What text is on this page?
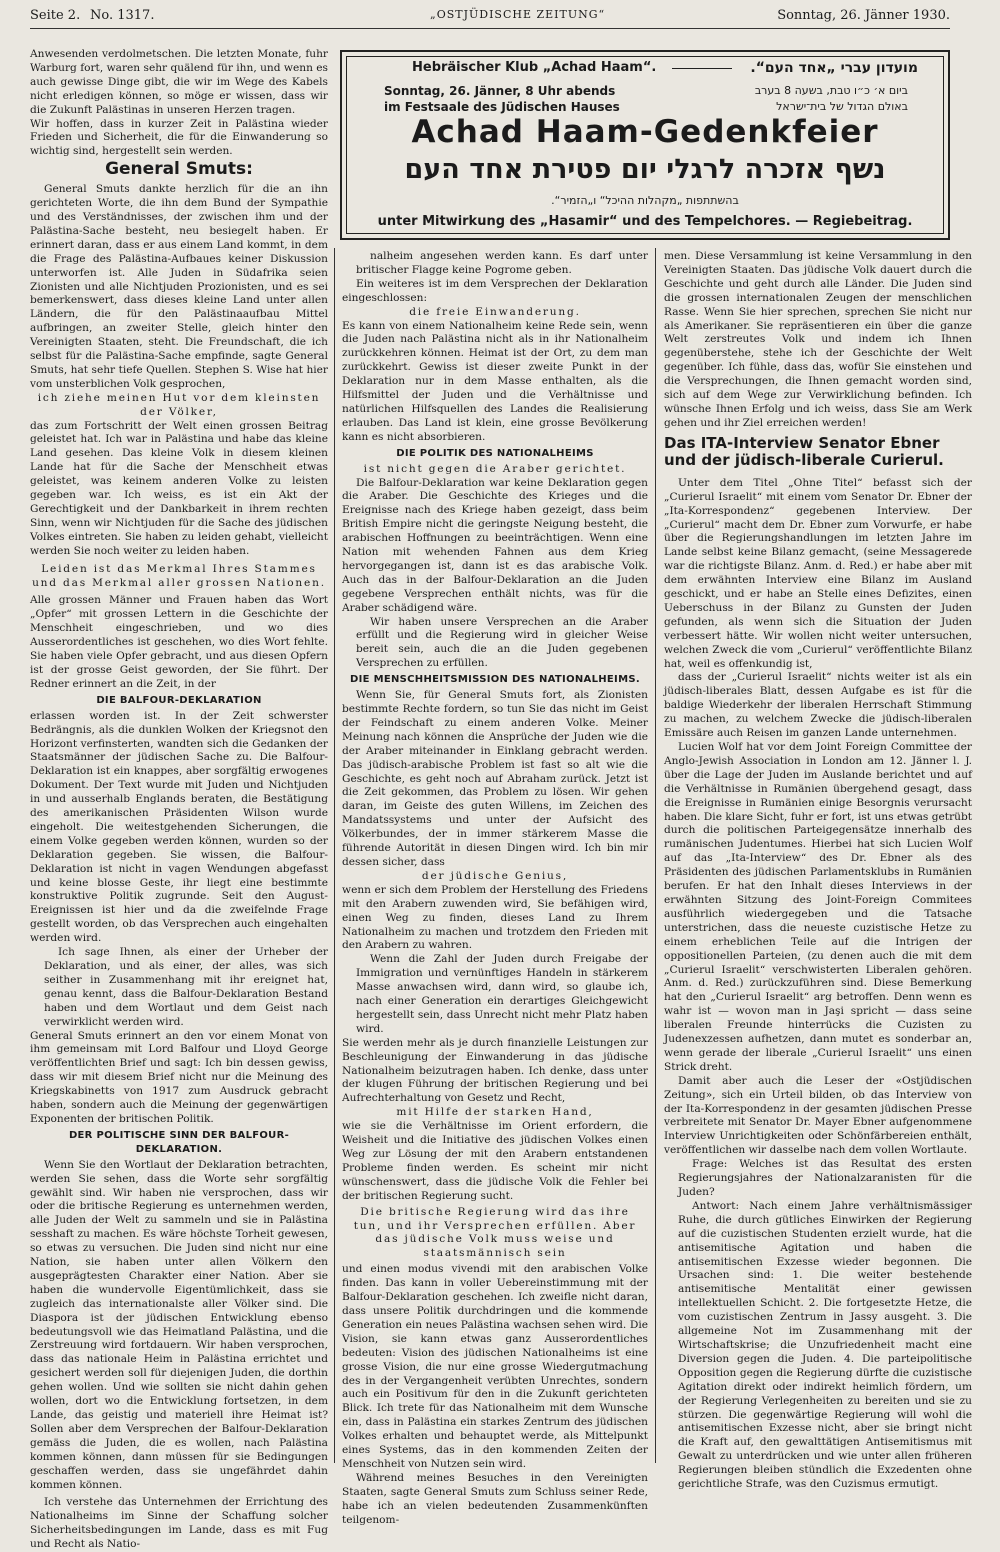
Seite 2. No. 1317.	„OSTJÜDISCHE ZEITUNG“	Sonntag, 26. Jänner 1930.
Hebräischer Klub „Achad Haam“.	מועדון עברי „אחד העם“.
Sonntag, 26. Jänner, 8 Uhr abends
im Festsaale des Jüdischen Hauses
ביום א׳ כ״ו טבת, בשעה 8 בערב
באולם הגדול של בית־ישראל
Achad Haam-Gedenkfeier
נשף אזכרה לרגלי יום פטירת אחד העם
בהשתתפות „מקהלות ההיכל“ ו„הזמיר“.
unter Mitwirkung des „Hasamir“ und des Tempelchores. — Regiebeitrag.

Anwesenden verdolmetschen. Die letzten Monate, fuhr Warburg fort, waren sehr quälend für ihn, und wenn es auch gewisse Dinge gibt, die wir im Wege des Kabels nicht erledigen können, so möge er wissen, dass wir die Zukunft Palästinas in unseren Herzen tragen.

Wir hoffen, dass in kurzer Zeit in Palästina wieder Frieden und Sicherheit, die für die Einwanderung so wichtig sind, hergestellt sein werden.

General Smuts:

General Smuts dankte herzlich für die an ihn gerichteten Worte, die ihn dem Bund der Sympathie und des Verständnisses, der zwischen ihm und der Palästina-Sache besteht, neu besiegelt haben. Er erinnert daran, dass er aus einem Land kommt, in dem die Frage des Palästina-Aufbaues keiner Diskussion unterworfen ist. Alle Juden in Südafrika seien Zionisten und alle Nichtjuden Prozionisten, und es sei bemerkenswert, dass dieses kleine Land unter allen Ländern, die für den Palästinaaufbau Mittel aufbringen, an zweiter Stelle, gleich hinter den Vereinigten Staaten, steht. Die Freundschaft, die ich selbst für die Palästina-Sache empfinde, sagte General Smuts, hat sehr tiefe Quellen. Stephen S. Wise hat hier vom unsterblichen Volk gesprochen,

ich ziehe meinen Hut vor dem kleinsten der Völker,

das zum Fortschritt der Welt einen grossen Beitrag geleistet hat. Ich war in Palästina und habe das kleine Land gesehen. Das kleine Volk in diesem kleinen Lande hat für die Sache der Menschheit etwas geleistet, was keinem anderen Volke zu leisten gegeben war. Ich weiss, es ist ein Akt der Gerechtigkeit und der Dankbarkeit in ihrem rechten Sinn, wenn wir Nichtjuden für die Sache des jüdischen Volkes eintreten. Sie haben zu leiden gehabt, vielleicht werden Sie noch weiter zu leiden haben.

Leiden ist das Merkmal Ihres Stammes und das Merkmal aller grossen Nationen.

Alle grossen Männer und Frauen haben das Wort „Opfer“ mit grossen Lettern in die Geschichte der Menschheit eingeschrieben, und wo dies Ausserordentliches ist geschehen, wo dies Wort fehlte. Sie haben viele Opfer gebracht, und aus diesen Opfern ist der grosse Geist geworden, der Sie führt. Der Redner erinnert an die Zeit, in der

DIE BALFOUR-DEKLARATION

erlassen worden ist. In der Zeit schwerster Bedrängnis, als die dunklen Wolken der Kriegsnot den Horizont verfinsterten, wandten sich die Gedanken der Staatsmänner der jüdischen Sache zu. Die Balfour-Deklaration ist ein knappes, aber sorgfältig erwogenes Dokument. Der Text wurde mit Juden und Nichtjuden in und ausserhalb Englands beraten, die Bestätigung des amerikanischen Präsidenten Wilson wurde eingeholt. Die weitestgehenden Sicherungen, die einem Volke gegeben werden können, wurden so der Deklaration gegeben. Sie wissen, die Balfour-Deklaration ist nicht in vagen Wendungen abgefasst und keine blosse Geste, ihr liegt eine bestimmte konstruktive Politik zugrunde. Seit den August-Ereignissen ist hier und da die zweifelnde Frage gestellt worden, ob das Versprechen auch eingehalten werden wird.

Ich sage Ihnen, als einer der Urheber der Deklaration, und als einer, der alles, was sich seither in Zusammenhang mit ihr ereignet hat, genau kennt, dass die Balfour-Deklaration Bestand haben und dem Wortlaut und dem Geist nach verwirklicht werden wird.

General Smuts erinnert an den vor einem Monat von ihm gemeinsam mit Lord Balfour und Lloyd George veröffentlichten Brief und sagt: Ich bin dessen gewiss, dass wir mit diesem Brief nicht nur die Meinung des Kriegskabinetts von 1917 zum Ausdruck gebracht haben, sondern auch die Meinung der gegenwärtigen Exponenten der britischen Politik.

DER POLITISCHE SINN DER BALFOUR-DEKLARATION.

Wenn Sie den Wortlaut der Deklaration betrachten, werden Sie sehen, dass die Worte sehr sorgfältig gewählt sind. Wir haben nie versprochen, dass wir oder die britische Regierung es unternehmen werden, alle Juden der Welt zu sammeln und sie in Palästina sesshaft zu machen. Es wäre höchste Torheit gewesen, so etwas zu versuchen. Die Juden sind nicht nur eine Nation, sie haben unter allen Völkern den ausgeprägtesten Charakter einer Nation. Aber sie haben die wundervolle Eigentümlichkeit, dass sie zugleich das internationalste aller Völker sind. Die Diaspora ist der jüdischen Entwicklung ebenso bedeutungsvoll wie das Heimatland Palästina, und die Zerstreuung wird fortdauern. Wir haben versprochen, dass das nationale Heim in Palästina errichtet und gesichert werden soll für diejenigen Juden, die dorthin gehen wollen. Und wie sollten sie nicht dahin gehen wollen, dort wo die Entwicklung fortsetzen, in dem Lande, das geistig und materiell ihre Heimat ist? Sollen aber dem Versprechen der Balfour-Deklaration gemäss die Juden, die es wollen, nach Palästina kommen können, dann müssen für sie Bedingungen geschaffen werden, dass sie ungefährdet dahin kommen können.

Ich verstehe das Unternehmen der Errichtung des Nationalheims im Sinne der Schaffung solcher Sicherheitsbedingungen im Lande, dass es mit Fug und Recht als Natio-

nalheim angesehen werden kann. Es darf unter britischer Flagge keine Pogrome geben.

Ein weiteres ist im dem Versprechen der Deklaration eingeschlossen:

die freie Einwanderung.

Es kann von einem Nationalheim keine Rede sein, wenn die Juden nach Palästina nicht als in ihr Nationalheim zurückkehren können. Heimat ist der Ort, zu dem man zurückkehrt. Gewiss ist dieser zweite Punkt in der Deklaration nur in dem Masse enthalten, als die Hilfsmittel der Juden und die Verhältnisse und natürlichen Hilfsquellen des Landes die Realisierung erlauben. Das Land ist klein, eine grosse Bevölkerung kann es nicht absorbieren.

DIE POLITIK DES NATIONALHEIMS

ist nicht gegen die Araber gerichtet.

Die Balfour-Deklaration war keine Deklaration gegen die Araber. Die Geschichte des Krieges und die Ereignisse nach des Kriege haben gezeigt, dass beim British Empire nicht die geringste Neigung besteht, die arabischen Hoffnungen zu beeinträchtigen. Wenn eine Nation mit wehenden Fahnen aus dem Krieg hervorgegangen ist, dann ist es das arabische Volk. Auch das in der Balfour-Deklaration an die Juden gegebene Versprechen enthält nichts, was für die Araber schädigend wäre.

Wir haben unsere Versprechen an die Araber erfüllt und die Regierung wird in gleicher Weise bereit sein, auch die an die Juden gegebenen Versprechen zu erfüllen.

DIE MENSCHHEITSMISSION DES NATIONALHEIMS.

Wenn Sie, für General Smuts fort, als Zionisten bestimmte Rechte fordern, so tun Sie das nicht im Geist der Feindschaft zu einem anderen Volke. Meiner Meinung nach können die Ansprüche der Juden wie die der Araber miteinander in Einklang gebracht werden. Das jüdisch-arabische Problem ist fast so alt wie die Geschichte, es geht noch auf Abraham zurück. Jetzt ist die Zeit gekommen, das Problem zu lösen. Wir gehen daran, im Geiste des guten Willens, im Zeichen des Mandatssystems und unter der Aufsicht des Völkerbundes, der in immer stärkerem Masse die führende Autorität in diesen Dingen wird. Ich bin mir dessen sicher, dass

der jüdische Genius,

wenn er sich dem Problem der Herstellung des Friedens mit den Arabern zuwenden wird, Sie befähigen wird, einen Weg zu finden, dieses Land zu Ihrem Nationalheim zu machen und trotzdem den Frieden mit den Arabern zu wahren.

Wenn die Zahl der Juden durch Freigabe der Immigration und vernünftiges Handeln in stärkerem Masse anwachsen wird, dann wird, so glaube ich, nach einer Generation ein derartiges Gleichgewicht hergestellt sein, dass Unrecht nicht mehr Platz haben wird.

Sie werden mehr als je durch finanzielle Leistungen zur Beschleunigung der Einwanderung in das jüdische Nationalheim beizutragen haben. Ich denke, dass unter der klugen Führung der britischen Regierung und bei Aufrechterhaltung von Gesetz und Recht,

mit Hilfe der starken Hand,

wie sie die Verhältnisse im Orient erfordern, die Weisheit und die Initiative des jüdischen Volkes einen Weg zur Lösung der mit den Arabern entstandenen Probleme finden werden. Es scheint mir nicht wünschenswert, dass die jüdische Volk die Fehler bei der britischen Regierung sucht.

Die britische Regierung wird das ihre tun, und ihr Versprechen erfüllen. Aber das jüdische Volk muss weise und staatsmännisch sein

und einen modus vivendi mit den arabischen Volke finden. Das kann in voller Uebereinstimmung mit der Balfour-Deklaration geschehen. Ich zweifle nicht daran, dass unsere Politik durchdringen und die kommende Generation ein neues Palästina wachsen sehen wird. Die Vision, sie kann etwas ganz Ausserordentliches bedeuten: Vision des jüdischen Nationalheims ist eine grosse Vision, die nur eine grosse Wiedergutmachung des in der Vergangenheit verübten Unrechtes, sondern auch ein Positivum für den in die Zukunft gerichteten Blick. Ich trete für das Nationalheim mit dem Wunsche ein, dass in Palästina ein starkes Zentrum des jüdischen Volkes erhalten und behauptet werde, als Mittelpunkt eines Systems, das in den kommenden Zeiten der Menschheit von Nutzen sein wird.

Während meines Besuches in den Vereinigten Staaten, sagte General Smuts zum Schluss seiner Rede, habe ich an vielen bedeutenden Zusammenkünften teilgenom-

men. Diese Versammlung ist keine Versammlung in den Vereinigten Staaten. Das jüdische Volk dauert durch die Geschichte und geht durch alle Länder. Die Juden sind die grossen internationalen Zeugen der menschlichen Rasse. Wenn Sie hier sprechen, sprechen Sie nicht nur als Amerikaner. Sie repräsentieren ein über die ganze Welt zerstreutes Volk und indem ich Ihnen gegenüberstehe, stehe ich der Geschichte der Welt gegenüber. Ich fühle, dass das, wofür Sie einstehen und die Versprechungen, die Ihnen gemacht worden sind, sich auf dem Wege zur Verwirklichung befinden. Ich wünsche Ihnen Erfolg und ich weiss, dass Sie am Werk gehen und ihr Ziel erreichen werden!

Das ITA-Interview Senator Ebner und der jüdisch-liberale Curierul.

Unter dem Titel „Ohne Titel“ befasst sich der „Curierul Israelit“ mit einem vom Senator Dr. Ebner der „Ita-Korrespondenz“ gegebenen Interview. Der „Curierul“ macht dem Dr. Ebner zum Vorwurfe, er habe über die Regierungshandlungen im letzten Jahre im Lande selbst keine Bilanz gemacht, (seine Messagerede war die richtigste Bilanz. Anm. d. Red.) er habe aber mit dem erwähnten Interview eine Bilanz im Ausland geschickt, und er habe an Stelle eines Defizites, einen Ueberschuss in der Bilanz zu Gunsten der Juden gefunden, als wenn sich die Situation der Juden verbessert hätte. Wir wollen nicht weiter untersuchen, welchen Zweck die vom „Curierul“ veröffentlichte Bilanz hat, weil es offenkundig ist,

dass der „Curierul Israelit“ nichts weiter ist als ein jüdisch-liberales Blatt, dessen Aufgabe es ist für die baldige Wiederkehr der liberalen Herrschaft Stimmung zu machen, zu welchem Zwecke die jüdisch-liberalen Emissäre auch Reisen im ganzen Lande unternehmen.

Lucien Wolf hat vor dem Joint Foreign Committee der Anglo-Jewish Association in London am 12. Jänner l. J. über die Lage der Juden im Auslande berichtet und auf die Verhältnisse in Rumänien übergehend gesagt, dass die Ereignisse in Rumänien einige Besorgnis verursacht haben. Die klare Sicht, fuhr er fort, ist uns etwas getrübt durch die politischen Parteigegensätze innerhalb des rumänischen Judentumes. Hierbei hat sich Lucien Wolf auf das „Ita-Interview“ des Dr. Ebner als des Präsidenten des jüdischen Parlamentsklubs in Rumänien berufen. Er hat den Inhalt dieses Interviews in der erwähnten Sitzung des Joint-Foreign Commitees ausführlich wiedergegeben und die Tatsache unterstrichen, dass die neueste cuzistische Hetze zu einem erheblichen Teile auf die Intrigen der oppositionellen Parteien, (zu denen auch die mit dem „Curierul Israelit“ verschwisterten Liberalen gehören. Anm. d. Red.) zurückzuführen sind. Diese Bemerkung hat den „Curierul Israelit“ arg betroffen. Denn wenn es wahr ist — wovon man in Jaşi spricht — dass seine liberalen Freunde hinterrücks die Cuzisten zu Judenexzessen aufhetzen, dann mutet es sonderbar an, wenn gerade der liberale „Curierul Israelit“ uns einen Strick dreht.

Damit aber auch die Leser der «Ostjüdischen Zeitung», sich ein Urteil bilden, ob das Interview von der Ita-Korrespondenz in der gesamten jüdischen Presse verbreitete mit Senator Dr. Mayer Ebner aufgenommene Interview Unrichtigkeiten oder Schönfärbereien enthält, veröffentlichen wir dasselbe nach dem vollen Wortlaute.

Frage: Welches ist das Resultat des ersten Regierungsjahres der Nationalzaranisten für die Juden?

Antwort: Nach einem Jahre verhältnismässiger Ruhe, die durch gütliches Einwirken der Regierung auf die cuzistischen Studenten erzielt wurde, hat die antisemitische Agitation und haben die antisemitischen Exzesse wieder begonnen. Die Ursachen sind: 1. Die weiter bestehende antisemitische Mentalität einer gewissen intellektuellen Schicht. 2. Die fortgesetzte Hetze, die vom cuzistischen Zentrum in Jassy ausgeht. 3. Die allgemeine Not im Zusammenhang mit der Wirtschaftskrise; die Unzufriedenheit macht eine Diversion gegen die Juden. 4. Die parteipolitische Opposition gegen die Regierung dürfte die cuzistische Agitation direkt oder indirekt heimlich fördern, um der Regierung Verlegenheiten zu bereiten und sie zu stürzen. Die gegenwärtige Regierung will wohl die antisemitischen Exzesse nicht, aber sie bringt nicht die Kraft auf, den gewalttätigen Antisemitismus mit Gewalt zu unterdrücken und wie unter allen früheren Regierungen bleiben stündlich die Exzedenten ohne gerichtliche Strafe, was den Cuzismus ermutigt.
